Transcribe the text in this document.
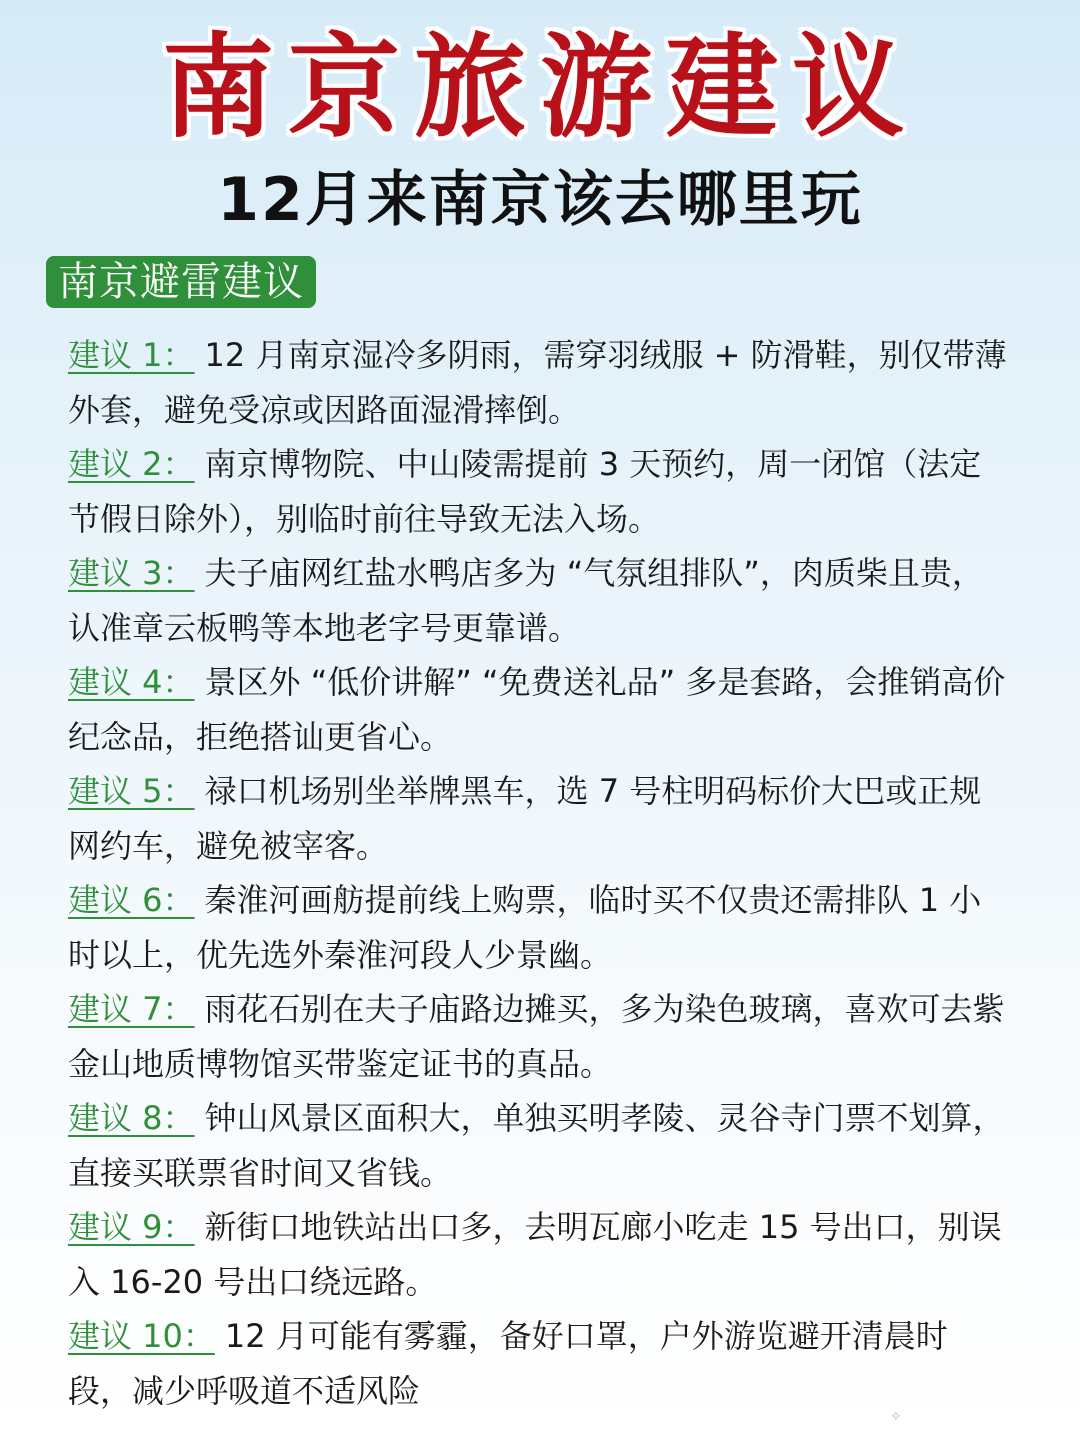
南京旅游建议
12月来南京该去哪里玩
南京避雷建议

建议 1： 12 月南京湿冷多阴雨，需穿羽绒服 + 防滑鞋，别仅带薄外套，避免受凉或因路面湿滑摔倒。

建议 2： 南京博物院、中山陵需提前 3 天预约，周一闭馆（法定节假日除外），别临时前往导致无法入场。

建议 3： 夫子庙网红盐水鸭店多为 “气氛组排队”，肉质柴且贵，认准章云板鸭等本地老字号更靠谱。

建议 4： 景区外 “低价讲解” “免费送礼品” 多是套路，会推销高价纪念品，拒绝搭讪更省心。

建议 5： 禄口机场别坐举牌黑车，选 7 号柱明码标价大巴或正规网约车，避免被宰客。

建议 6： 秦淮河画舫提前线上购票，临时买不仅贵还需排队 1 小时以上，优先选外秦淮河段人少景幽。

建议 7： 雨花石别在夫子庙路边摊买，多为染色玻璃，喜欢可去紫金山地质博物馆买带鉴定证书的真品。

建议 8： 钟山风景区面积大，单独买明孝陵、灵谷寺门票不划算，直接买联票省时间又省钱。

建议 9： 新街口地铁站出口多，去明瓦廊小吃走 15 号出口，别误入 16-20 号出口绕远路。

建议 10： 12 月可能有雾霾，备好口罩，户外游览避开清晨时段，减少呼吸道不适风险

✧
